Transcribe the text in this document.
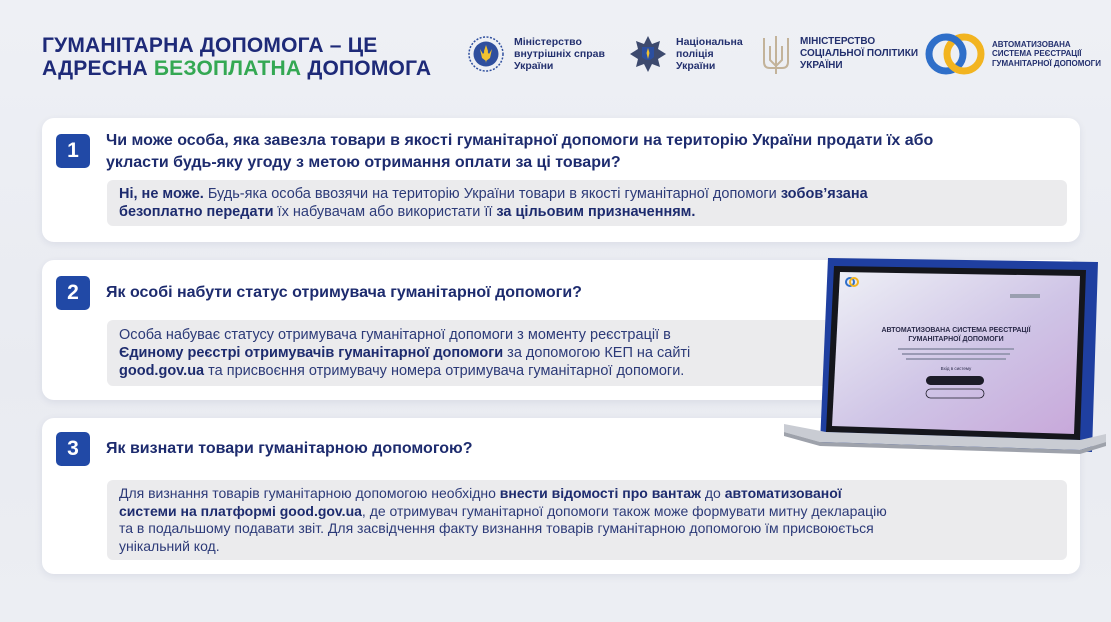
ГУМАНІТАРНА ДОПОМОГА – ЦЕ
АДРЕСНА БЕЗОПЛАТНА ДОПОМОГА
Міністерство
внутрішніх справ
України
Національна
поліція
України
МІНІСТЕРСТВО
СОЦІАЛЬНОЇ ПОЛІТИКИ
УКРАЇНИ
АВТОМАТИЗОВАНА
СИСТЕМА РЕЄСТРАЦІЇ
ГУМАНІТАРНОЇ ДОПОМОГИ
1	Чи може особа, яка завезла товари в якості гуманітарної допомоги на територію України продати їх або
укласти будь-яку угоду з метою отримання оплати за ці товари?

Ні, не може. Будь-яка особа ввозячи на територію України товари в якості гуманітарної допомоги зобов’язана

безоплатно передати їх набувачам або використати її за цільовим призначенням.

2	Як особі набути статус отримувача гуманітарної допомоги?

Особа набуває статусу отримувача гуманітарної допомоги з моменту реєстрації в

Єдиному реєстрі отримувачів гуманітарної допомоги за допомогою КЕП на сайті

good.gov.ua та присвоєння отримувачу номера отримувача гуманітарної допомоги.

3	Як визнати товари гуманітарною допомогою?

Для визнання товарів гуманітарною допомогою необхідно внести відомості про вантаж до автоматизованої

системи на платформі good.gov.ua, де отримувач гуманітарної допомоги також може формувати митну декларацію

та в подальшому подавати звіт. Для засвідчення факту визнання товарів гуманітарною допомогою їм присвоюється

унікальний код.

АВТОМАТИЗОВАНА СИСТЕМА РЕЄСТРАЦІЇ
ГУМАНІТАРНОЇ ДОПОМОГИ
Вхід в систему
